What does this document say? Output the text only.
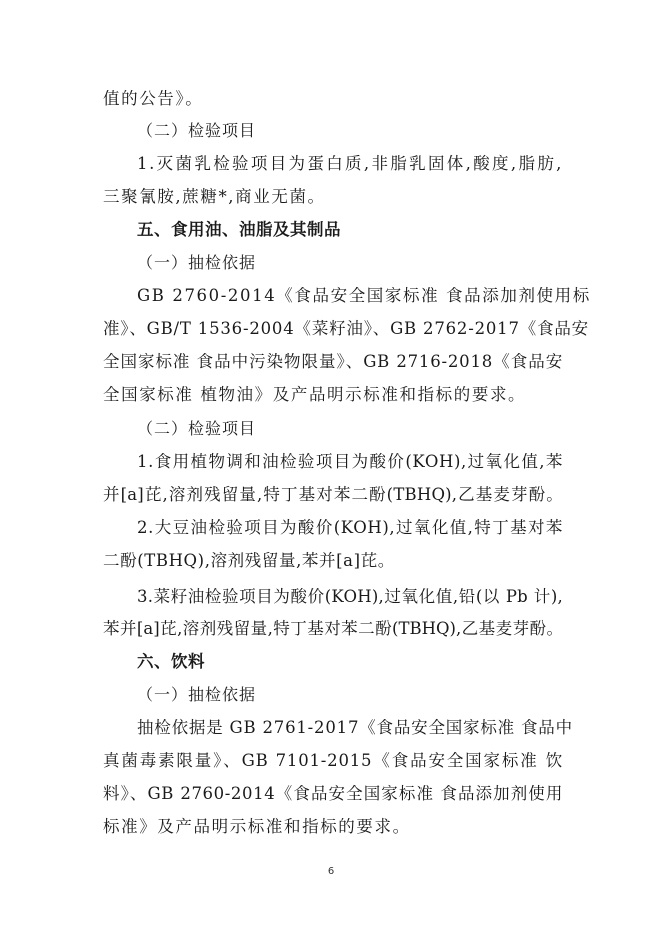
值的公告》。
（二）检验项目
1.灭菌乳检验项目为蛋白质,非脂乳固体,酸度,脂肪,
三聚氰胺,蔗糖*,商业无菌。
五、食用油、油脂及其制品
（一）抽检依据
GB 2760-2014《食品安全国家标准 食品添加剂使用标
准》、GB/T 1536-2004《菜籽油》、GB 2762-2017《食品安
全国家标准 食品中污染物限量》、GB 2716-2018《食品安
全国家标准 植物油》及产品明示标准和指标的要求。
（二）检验项目
1.食用植物调和油检验项目为酸价(KOH),过氧化值,苯
并[a]芘,溶剂残留量,特丁基对苯二酚(TBHQ),乙基麦芽酚。
2.大豆油检验项目为酸价(KOH),过氧化值,特丁基对苯
二酚(TBHQ),溶剂残留量,苯并[a]芘。
3.菜籽油检验项目为酸价(KOH),过氧化值,铅(以 Pb 计),
苯并[a]芘,溶剂残留量,特丁基对苯二酚(TBHQ),乙基麦芽酚。
六、饮料
（一）抽检依据
抽检依据是 GB 2761-2017《食品安全国家标准 食品中
真菌毒素限量》、GB 7101-2015《食品安全国家标准 饮
料》、GB 2760-2014《食品安全国家标准 食品添加剂使用
标准》及产品明示标准和指标的要求。
6
